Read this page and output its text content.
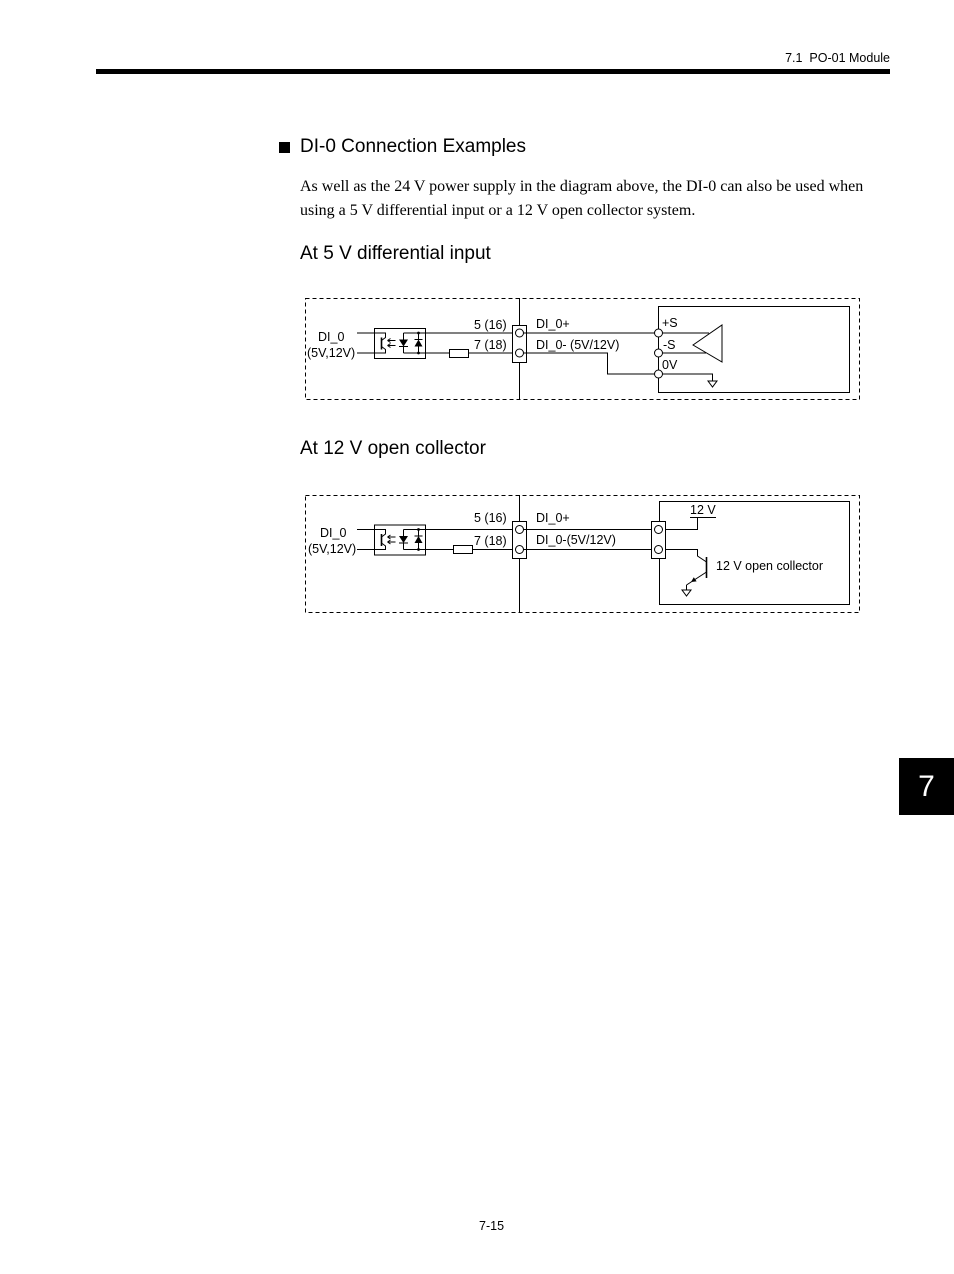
7.1  PO-01 Module
DI-0 Connection Examples
As well as the 24 V power supply in the diagram above, the DI-0 can also be used when using a 5 V differential input or a 12 V open collector system.
At 5 V differential input
DI_0
(5V,12V)
5 (16)
7 (18)
DI_0+
DI_0- (5V/12V)
+S
-S
0V
At 12 V open collector
DI_0
(5V,12V)
5 (16)
7 (18)
DI_0+
DI_0-(5V/12V)
12 V
12 V open collector
7
7-15
